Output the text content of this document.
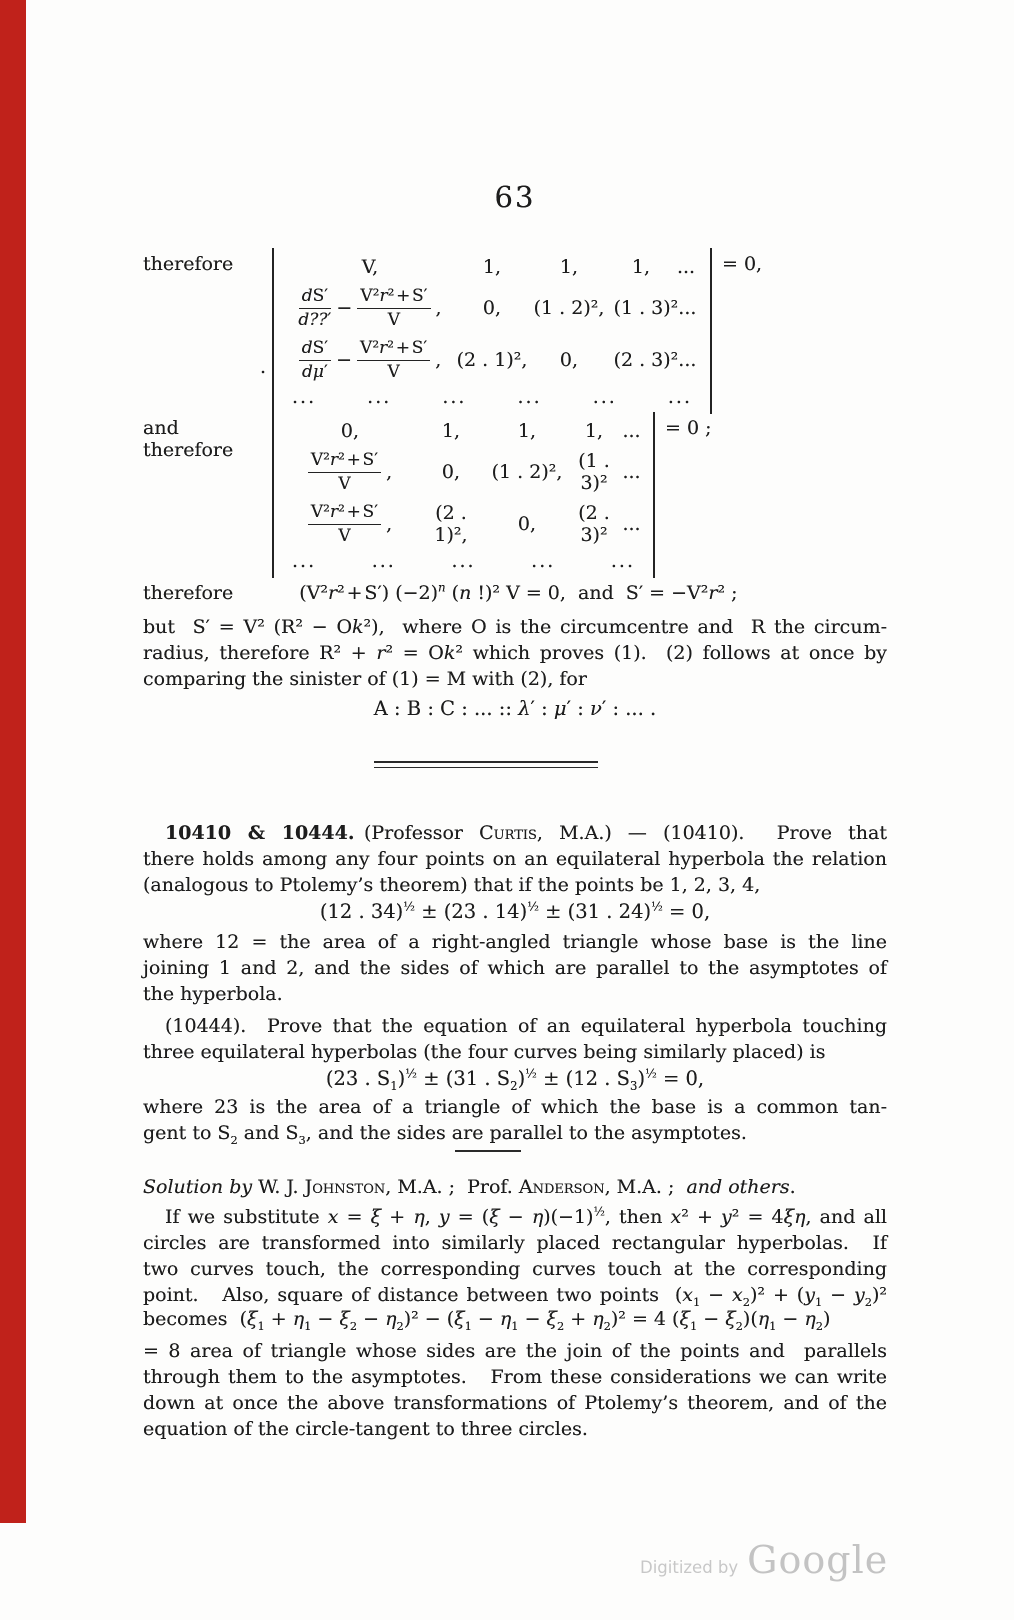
63
therefore
.
V,	1,	1,	1,	...
$\frac{dS'}{d??'} - \frac{\text{V²r² + S′}}{V}$ ,	0,	(1 . 2)², (1 . 3)²...
$\frac{dS'}{d\mu'} - \frac{\text{V²r² + S′}}{V}$ , (2 . 1)²,	0,	(2 . 3)²...
...	...	...	...	...	...
= 0,
and therefore
0,	1,	1,	1,	...
$\frac{\text{V²r² + S′}}{V}$ ,	0,	(1 . 2)², (1 . 3)² ...
$\frac{\text{V²r² + S′}}{V}$ ,	(2 . 1)²,	0,	(2 . 3)² ...
...	...	...	...	...
= 0 ;
therefore	(V²r² + S′) $(-2)^n$ (n !)² V = 0,  and  S′ = −V²r² ;
but  S′ = V² (R² − Ok²),  where O is the circumcentre and  R the circum-
radius, therefore R² + r² = Ok² which proves (1).  (2) follows at once by
comparing the sinister of (1) = M with (2), for
A : B : C : ... :: λ′ : μ′ : ν′ : ... .
10410 & 10444. (Professor Curtis, M.A.) — (10410).  Prove that
there holds among any four points on an equilateral hyperbola the relation
(analogous to Ptolemy’s theorem) that if the points be 1, 2, 3, 4,
(12 . 34)$^{\frac{1}{2}}$ ± (23 . 14)$^{\frac{1}{2}}$ ± (31 . 24)$^{\frac{1}{2}}$ = 0,
where 12 = the area of a right-angled triangle whose base is the line
joining 1 and 2, and the sides of which are parallel to the asymptotes of
the hyperbola.
(10444).  Prove that the equation of an equilateral hyperbola touching
three equilateral hyperbolas (the four curves being similarly placed) is
(23 . $S_1)^{\frac{1}{2}} \pm (31$ . $S_2)^{\frac{1}{2}} \pm (12$ . $S_3)^{\frac{1}{2}} = 0$,
where 23 is the area of a triangle of which the base is a common tan-
gent to $S_2$ and $S_3$, and the sides are parallel to the asymptotes.
Solution by W. J. Johnston, M.A. ;  Prof. Anderson, M.A. ;  and others.
If we substitute x = ξ + η, $y = (\xi - \eta)(-1)^{\frac{1}{2}}$, then x² + y² = 4ξη, and all
circles are transformed into similarly placed rectangular hyperbolas.  If
two curves touch, the corresponding curves touch at the corresponding
point.   Also, square of distance between two points  $(x_1 - x_2)^2 + (y_1 - y_2)^2$
becomes  $(\xi_1 + \eta_1 - \xi_2 - \eta_2)^2 - (\xi_1 - \eta_1 - \xi_2 + \eta_2)^2 = 4$ $(\xi_1 - \xi_2)(\eta_1 - \eta_2)$
= 8 area of triangle whose sides are the join of the points and  parallels
through them to the asymptotes.   From these considerations we can write
down at once the above transformations of Ptolemy’s theorem, and of the
equation of the circle-tangent to three circles.
Digitized by Google
